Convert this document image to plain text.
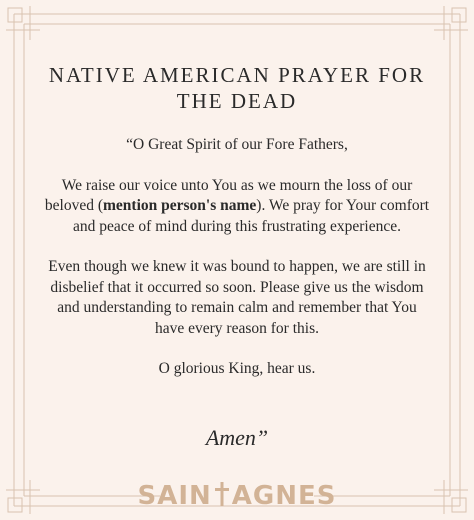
NATIVE AMERICAN PRAYER FOR THE DEAD

“O Great Spirit of our Fore Fathers,

We raise our voice unto You as we mourn the loss of our beloved (mention person's name). We pray for Your comfort and peace of mind during this frustrating experience.

Even though we knew it was bound to happen, we are still in disbelief that it occurred so soon. Please give us the wisdom and understanding to remain calm and remember that You have every reason for this.

O glorious King, hear us.

Amen”
SAIN AGNES
